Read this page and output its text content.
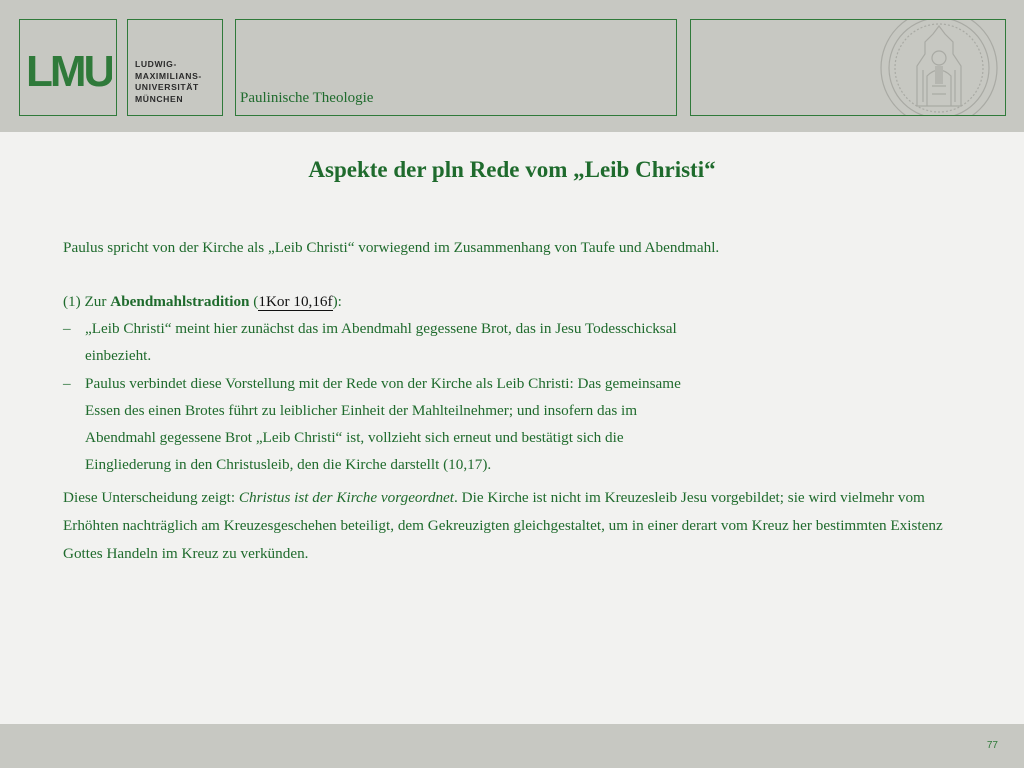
LMU	LUDWIG-
MAXIMILIANS-
UNIVERSITÄT
MÜNCHEN	Paulinische Theologie

Aspekte der pln Rede vom „Leib Christi“

Paulus spricht von der Kirche als „Leib Christi“ vorwiegend im Zusammenhang von Taufe und Abendmahl.

(1) Zur Abendmahlstradition (1Kor 10,16f):

– „Leib Christi“ meint hier zunächst das im Abendmahl gegessene Brot, das in Jesu Todesschicksal einbezieht.

– Paulus verbindet diese Vorstellung mit der Rede von der Kirche als Leib Christi: Das gemeinsame Essen des einen Brotes führt zu leiblicher Einheit der Mahlteilnehmer; und insofern das im Abendmahl gegessene Brot „Leib Christi“ ist, vollzieht sich erneut und bestätigt sich die Eingliederung in den Christusleib, den die Kirche darstellt (10,17).

Diese Unterscheidung zeigt: Christus ist der Kirche vorgeordnet. Die Kirche ist nicht im Kreuzesleib Jesu vorgebildet; sie wird vielmehr vom Erhöhten nachträglich am Kreuzesgeschehen beteiligt, dem Gekreuzigten gleichgestaltet, um in einer derart vom Kreuz her bestimmten Existenz Gottes Handeln im Kreuz zu verkünden.

77
